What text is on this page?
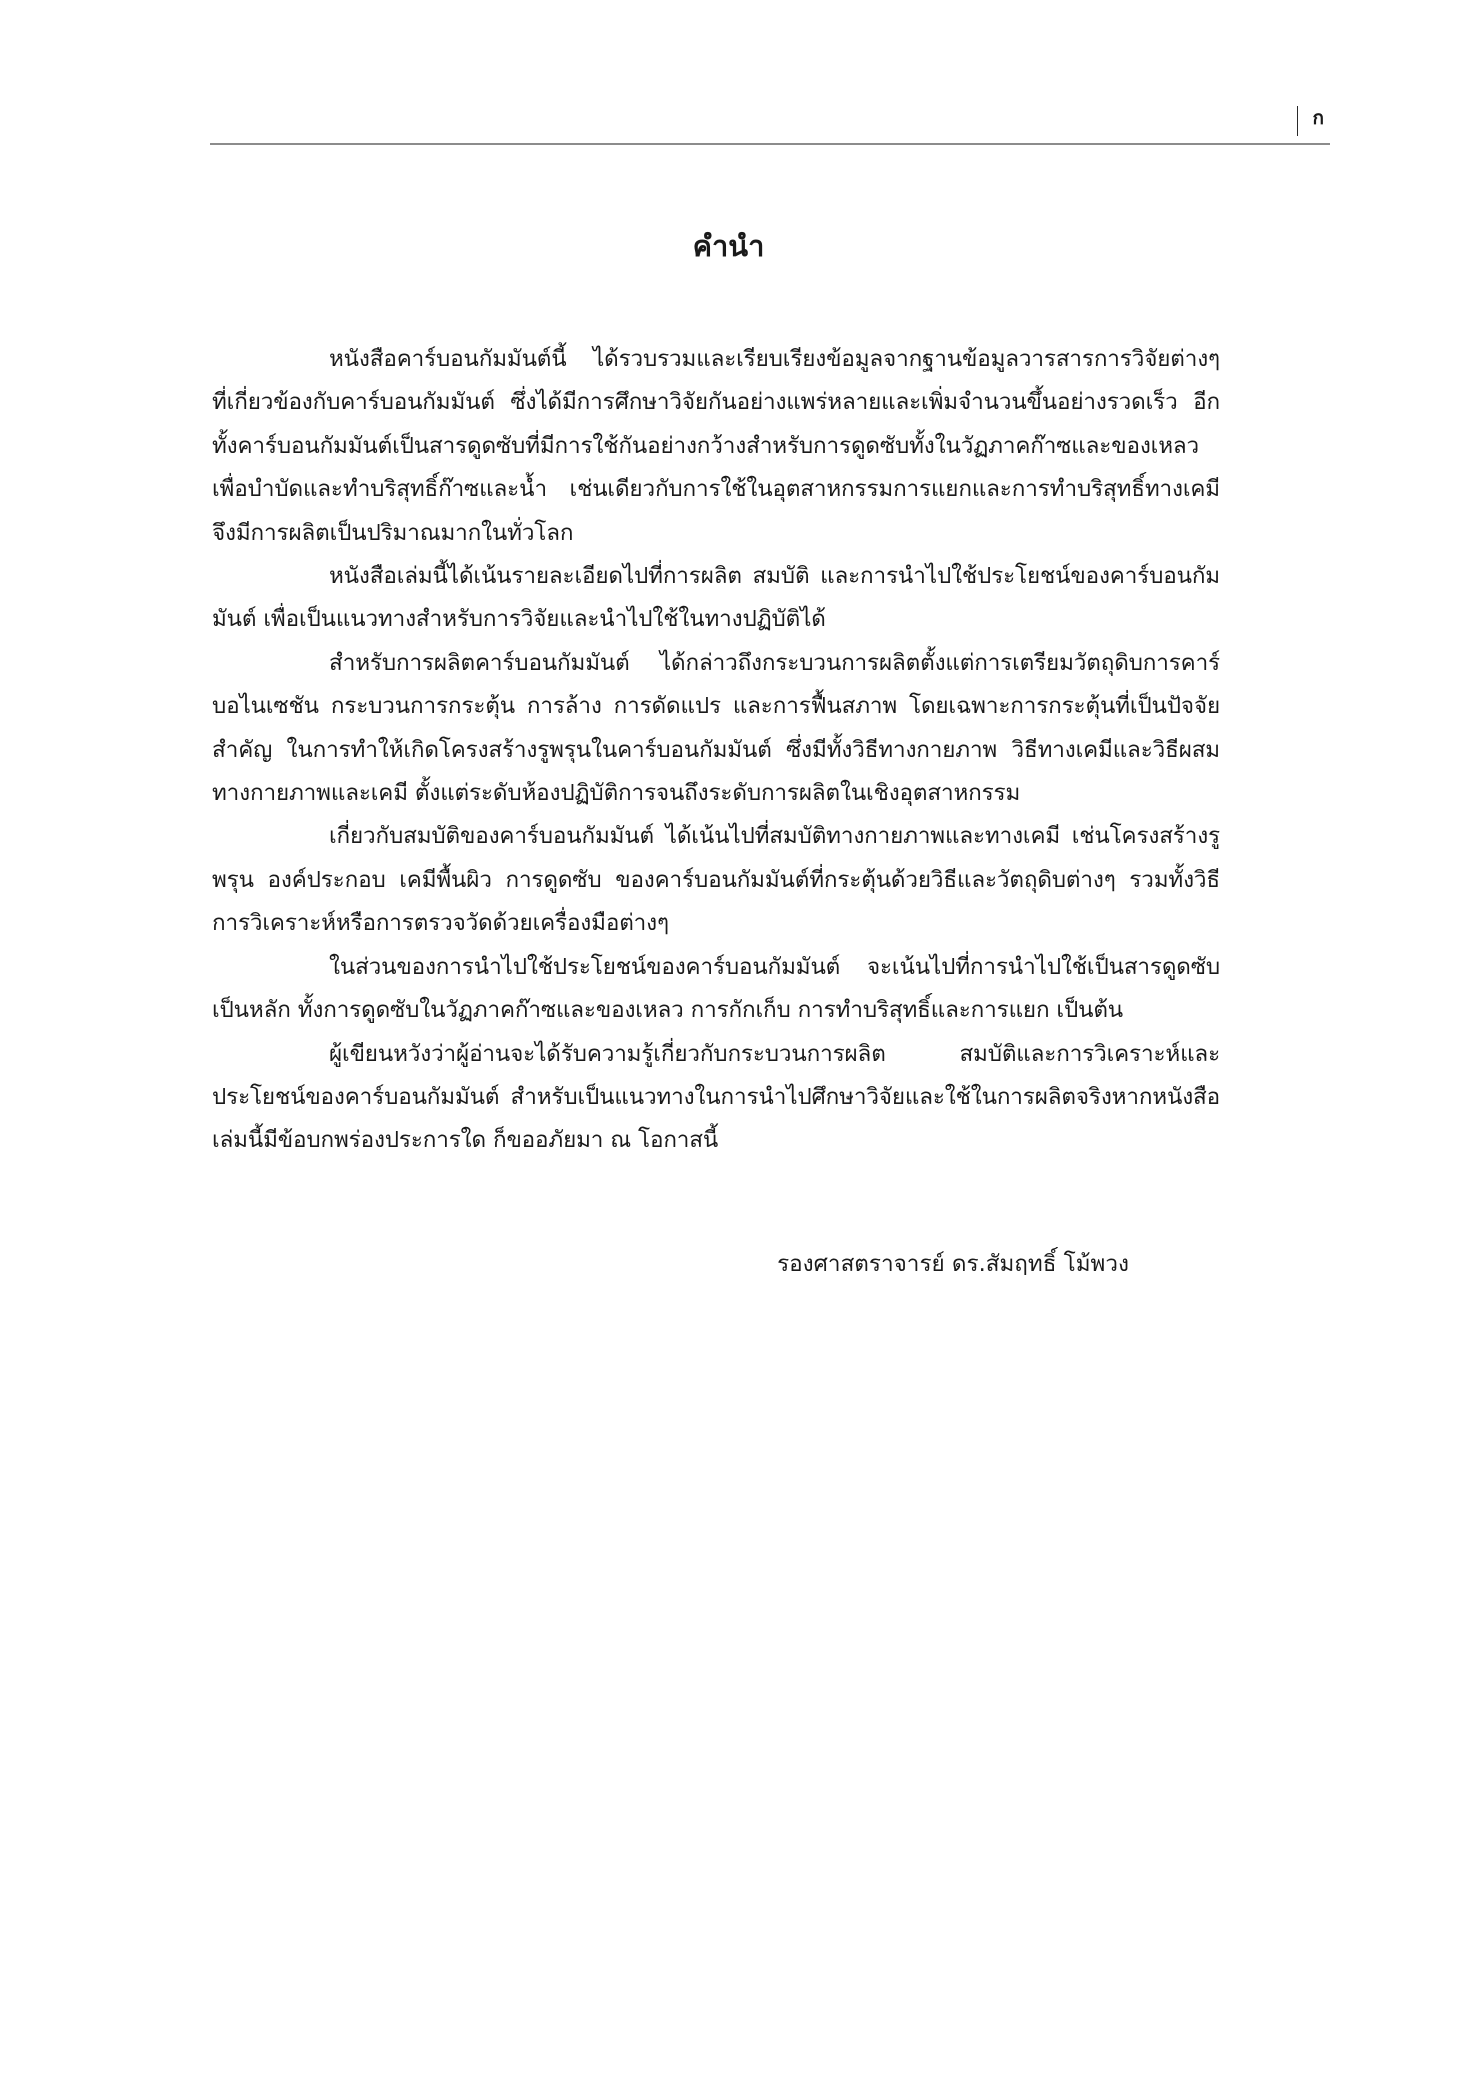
ก
คำนำ

หนังสือคาร์บอนกัมมันต์นี้ ได้รวบรวมและเรียบเรียงข้อมูลจากฐานข้อมูลวารสารการวิจัยต่างๆ ที่เกี่ยวข้องกับคาร์บอนกัมมันต์ ซึ่งได้มีการศึกษาวิจัยกันอย่างแพร่หลายและเพิ่มจำนวนขึ้นอย่างรวดเร็ว อีกทั้งคาร์บอนกัมมันต์เป็นสารดูดซับที่มีการใช้กันอย่างกว้างสำหรับการดูดซับทั้งในวัฏภาคก๊าซและของเหลว เพื่อบำบัดและทำบริสุทธิ์ก๊าซและน้ำ เช่นเดียวกับการใช้ในอุตสาหกรรมการแยกและการทำบริสุทธิ์ทางเคมี จึงมีการผลิตเป็นปริมาณมากในทั่วโลก

หนังสือเล่มนี้ได้เน้นรายละเอียดไปที่การผลิต สมบัติ และการนำไปใช้ประโยชน์ของคาร์บอนกัมมันต์ เพื่อเป็นแนวทางสำหรับการวิจัยและนำไปใช้ในทางปฏิบัติได้

สำหรับการผลิตคาร์บอนกัมมันต์ ได้กล่าวถึงกระบวนการผลิตตั้งแต่การเตรียมวัตถุดิบการคาร์บอไนเซชัน กระบวนการกระตุ้น การล้าง การดัดแปร และการฟื้นสภาพ โดยเฉพาะการกระตุ้นที่เป็นปัจจัยสำคัญ ในการทำให้เกิดโครงสร้างรูพรุนในคาร์บอนกัมมันต์ ซึ่งมีทั้งวิธีทางกายภาพ วิธีทางเคมีและวิธีผสมทางกายภาพและเคมี ตั้งแต่ระดับห้องปฏิบัติการจนถึงระดับการผลิตในเชิงอุตสาหกรรม

เกี่ยวกับสมบัติของคาร์บอนกัมมันต์ ได้เน้นไปที่สมบัติทางกายภาพและทางเคมี เช่นโครงสร้างรูพรุน องค์ประกอบ เคมีพื้นผิว การดูดซับ ของคาร์บอนกัมมันต์ที่กระตุ้นด้วยวิธีและวัตถุดิบต่างๆ รวมทั้งวิธีการวิเคราะห์หรือการตรวจวัดด้วยเครื่องมือต่างๆ

ในส่วนของการนำไปใช้ประโยชน์ของคาร์บอนกัมมันต์ จะเน้นไปที่การนำไปใช้เป็นสารดูดซับเป็นหลัก ทั้งการดูดซับในวัฏภาคก๊าซและของเหลว การกักเก็บ การทำบริสุทธิ์และการแยก เป็นต้น

ผู้เขียนหวังว่าผู้อ่านจะได้รับความรู้เกี่ยวกับกระบวนการผลิต สมบัติและการวิเคราะห์และประโยชน์ของคาร์บอนกัมมันต์ สำหรับเป็นแนวทางในการนำไปศึกษาวิจัยและใช้ในการผลิตจริงหากหนังสือเล่มนี้มีข้อบกพร่องประการใด ก็ขออภัยมา ณ โอกาสนี้

รองศาสตราจารย์ ดร.สัมฤทธิ์ โม้พวง
